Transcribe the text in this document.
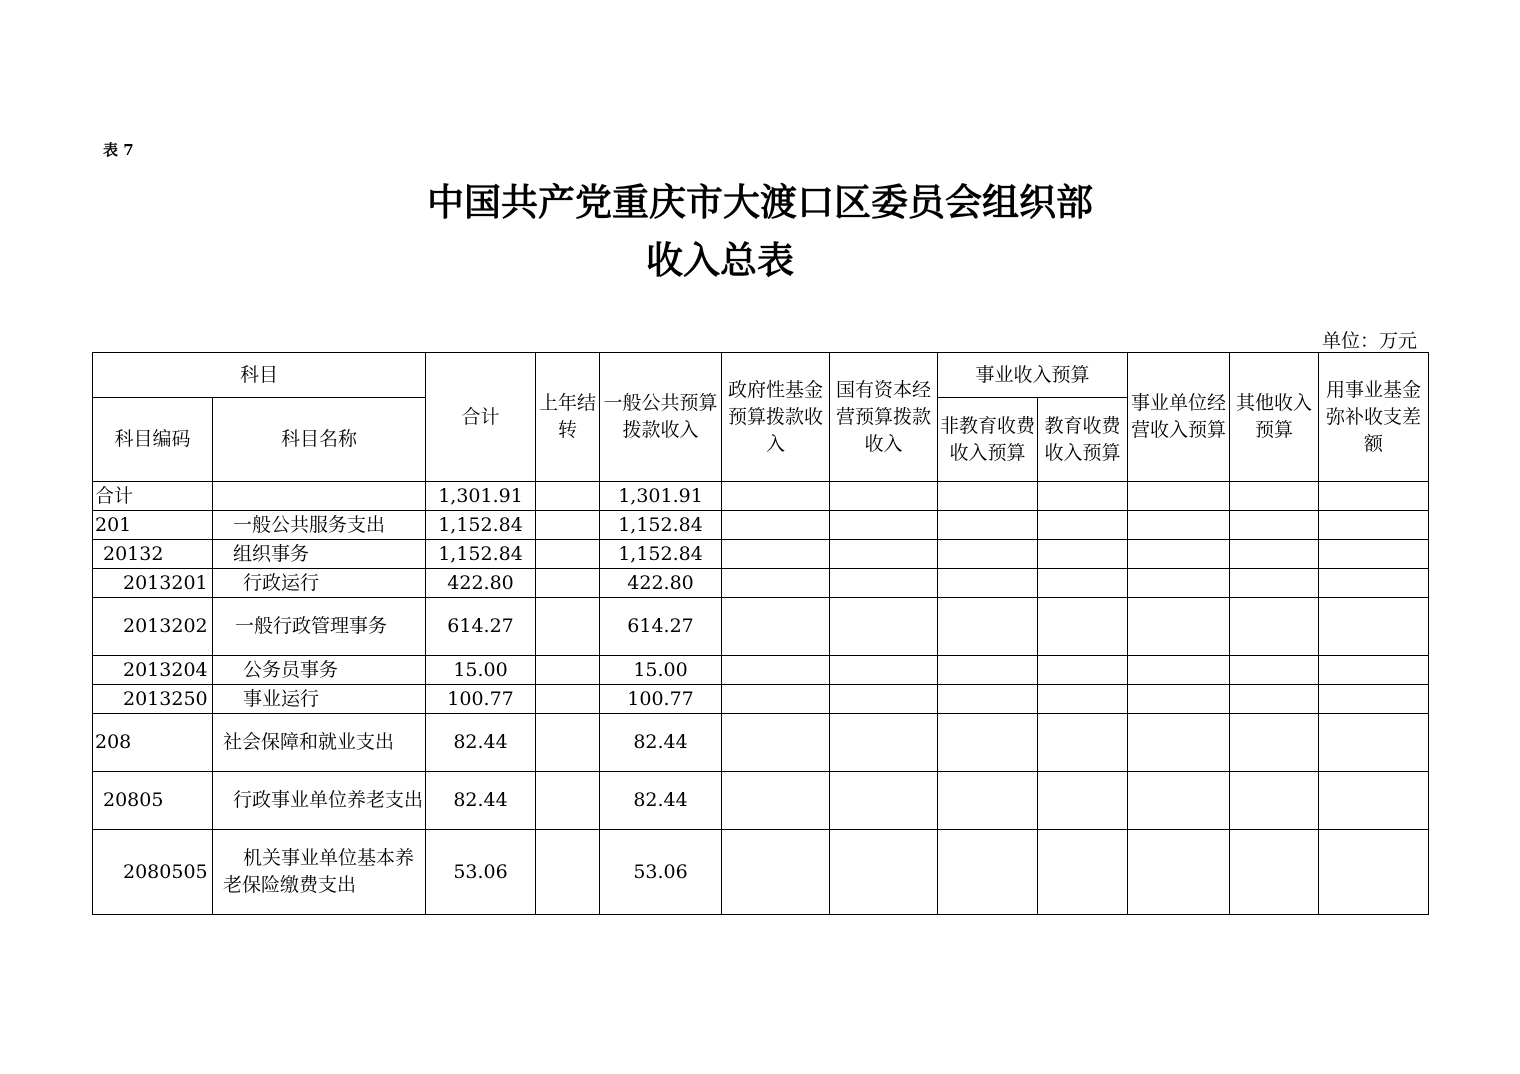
表 7
中国共产党重庆市大渡口区委员会组织部
收入总表
单位：万元
科目		合计	上年结转	一般公共预算拨款收入	政府性基金预算拨款收入	国有资本经营预算拨款收入	事业收入预算		事业单位经营收入预算	其他收入预算	用事业基金弥补收支差额
科目编码	科目名称						非教育收费收入预算	教育收费收入预算			
合计		1,301.91		1,301.91							
201	一般公共服务支出	1,152.84		1,152.84							
20132	组织事务	1,152.84		1,152.84							
2013201	行政运行	422.80		422.80							
2013202	一般行政管理事务	614.27		614.27							
2013204	公务员事务	15.00		15.00							
2013250	事业运行	100.77		100.77							
208	社会保障和就业支出	82.44		82.44							
20805	行政事业单位养老支出	82.44		82.44							
2080505	机关事业单位基本养老保险缴费支出	53.06		53.06							
